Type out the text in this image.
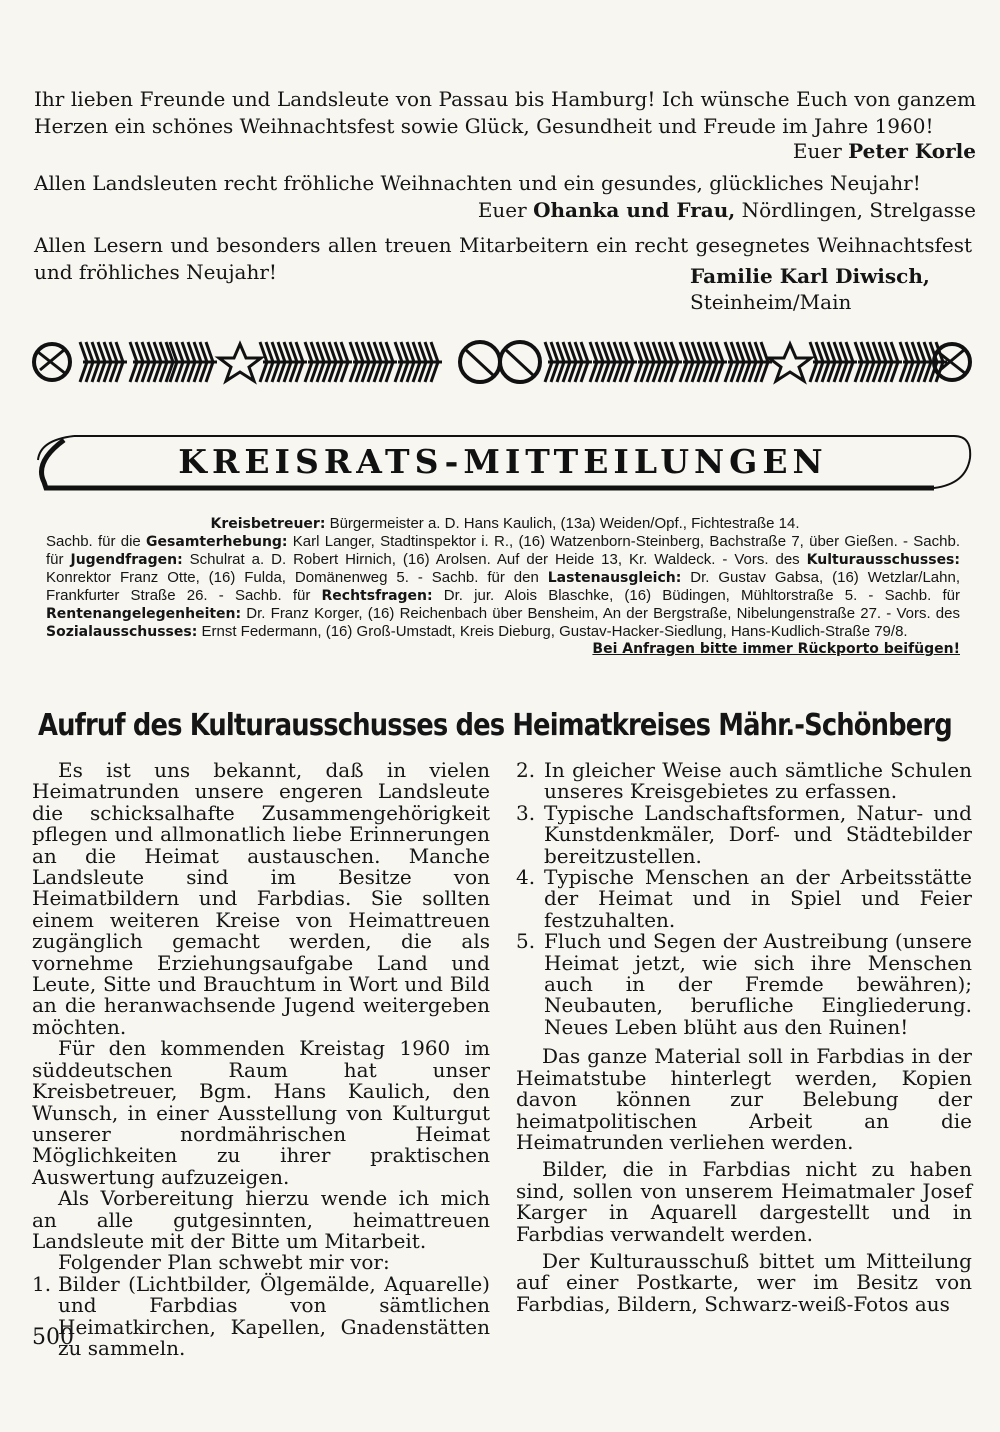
Ihr lieben Freunde und Landsleute von Passau bis Hamburg! Ich wünsche Euch von ganzem Herzen ein schönes Weihnachtsfest sowie Glück, Gesundheit und Freude im Jahre 1960!

Euer Peter Korle

Allen Landsleuten recht fröhliche Weihnachten und ein gesundes, glückliches Neujahr!

Euer Ohanka und Frau, Nördlingen, Strelgasse

Allen Lesern und besonders allen treuen Mitarbeitern ein recht gesegnetes Weihnachtsfest und fröhliches Neujahr!	Familie Karl Diwisch,
Steinheim/Main
KREISRATS-MITTEILUNGEN
Kreisbetreuer: Bürgermeister a. D. Hans Kaulich, (13a) Weiden/Opf., Fichtestraße 14.
Sachb. für die Gesamterhebung: Karl Langer, Stadtinspektor i. R., (16) Watzenborn-Steinberg, Bachstraße 7, über Gießen. - Sachb. für Jugendfragen: Schulrat a. D. Robert Hirnich, (16) Arolsen. Auf der Heide 13, Kr. Waldeck. - Vors. des Kulturausschusses: Konrektor Franz Otte, (16) Fulda, Domänenweg 5. - Sachb. für den Lastenausgleich: Dr. Gustav Gabsa, (16) Wetzlar/Lahn, Frankfurter Straße 26. - Sachb. für Rechtsfragen: Dr. jur. Alois Blaschke, (16) Büdingen, Mühltorstraße 5. - Sachb. für Rentenangelegenheiten: Dr. Franz Korger, (16) Reichenbach über Bensheim, An der Bergstraße, Nibelungenstraße 27. - Vors. des Sozialausschusses: Ernst Federmann, (16) Groß-Umstadt, Kreis Dieburg, Gustav-Hacker-Siedlung, Hans-Kudlich-Straße 79/8.
Bei Anfragen bitte immer Rückporto beifügen!
Aufruf des Kulturausschusses des Heimatkreises Mähr.-Schönberg

Es ist uns bekannt, daß in vielen Heimatrunden unsere engeren Landsleute die schicksalhafte Zusammengehörigkeit pflegen und allmonatlich liebe Erinnerungen an die Heimat austauschen. Manche Landsleute sind im Besitze von Heimatbildern und Farbdias. Sie sollten einem weiteren Kreise von Heimattreuen zugänglich gemacht werden, die als vornehme Erziehungsaufgabe Land und Leute, Sitte und Brauchtum in Wort und Bild an die heranwachsende Jugend weitergeben möchten.

Für den kommenden Kreistag 1960 im süddeutschen Raum hat unser Kreisbetreuer, Bgm. Hans Kaulich, den Wunsch, in einer Ausstellung von Kulturgut unserer nordmährischen Heimat Möglichkeiten zu ihrer praktischen Auswertung aufzuzeigen.

Als Vorbereitung hierzu wende ich mich an alle gutgesinnten, heimattreuen Landsleute mit der Bitte um Mitarbeit.

Folgender Plan schwebt mir vor:

1. Bilder (Lichtbilder, Ölgemälde, Aquarelle) und Farbdias von sämtlichen Heimatkirchen, Kapellen, Gnadenstätten zu sammeln.
2. In gleicher Weise auch sämtliche Schulen unseres Kreisgebietes zu erfassen.
3. Typische Landschaftsformen, Natur- und Kunstdenkmäler, Dorf- und Städtebilder bereitzustellen.
4. Typische Menschen an der Arbeitsstätte der Heimat und in Spiel und Feier festzuhalten.
5. Fluch und Segen der Austreibung (unsere Heimat jetzt, wie sich ihre Menschen auch in der Fremde bewähren); Neubauten, berufliche Eingliederung. Neues Leben blüht aus den Ruinen!

Das ganze Material soll in Farbdias in der Heimatstube hinterlegt werden, Kopien davon können zur Belebung der heimatpolitischen Arbeit an die Heimatrunden verliehen werden.

Bilder, die in Farbdias nicht zu haben sind, sollen von unserem Heimatmaler Josef Karger in Aquarell dargestellt und in Farbdias verwandelt werden.

Der Kulturausschuß bittet um Mitteilung auf einer Postkarte, wer im Besitz von Farbdias, Bildern, Schwarz-weiß-Fotos aus

500
